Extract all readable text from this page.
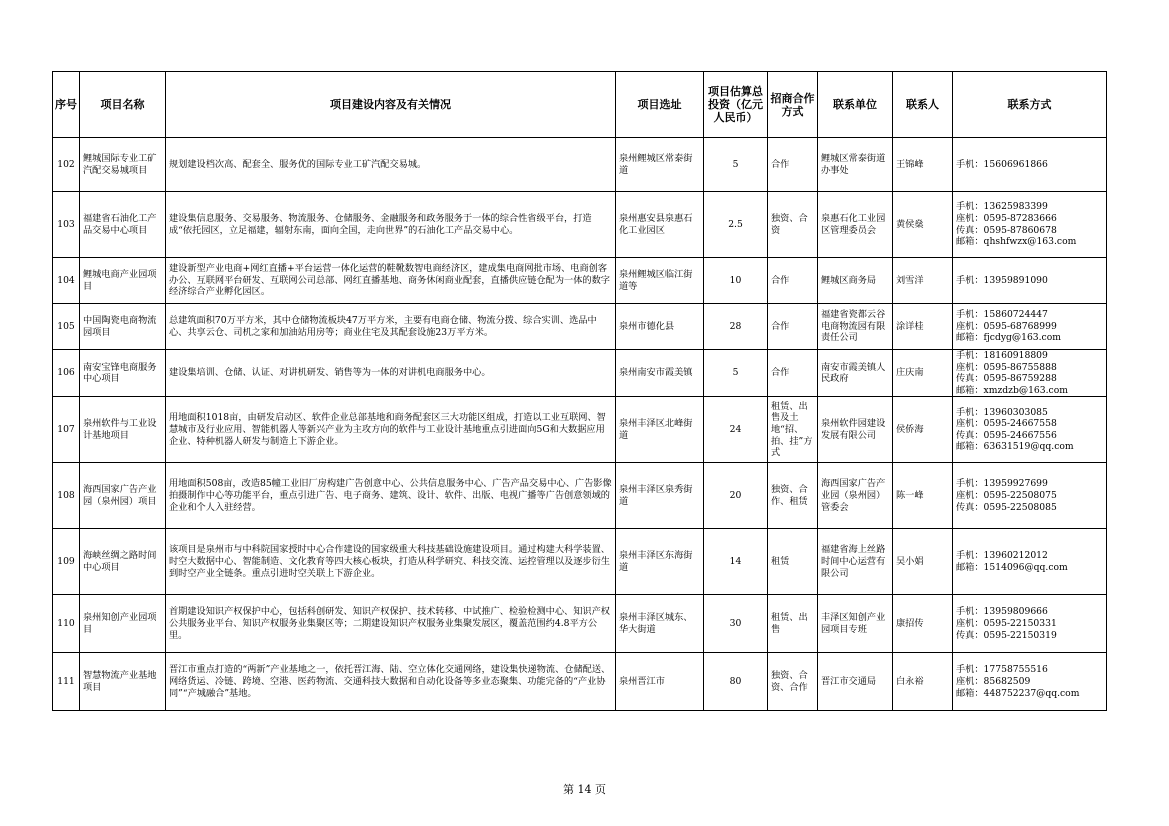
序号	项目名称	项目建设内容及有关情况	项目选址	项目估算总投资（亿元人民币）	招商合作方式	联系单位	联系人	联系方式
102	鲤城国际专业工矿汽配交易城项目	规划建设档次高、配套全、服务优的国际专业工矿汽配交易城。	泉州鲤城区常泰街道	5	合作	鲤城区常泰街道办事处	王锦峰	手机：15606961866

103	福建省石油化工产品交易中心项目	建设集信息服务、交易服务、物流服务、仓储服务、金融服务和政务服务于一体的综合性省级平台，打造成“依托园区，立足福建，辐射东南，面向全国，走向世界”的石油化工产品交易中心。	泉州惠安县泉惠石化工业园区	2.5	独资、合资	泉惠石化工业园区管理委员会	黄侯燊	手机：13625983399
座机：0595-87283666
传真：0595-87860678
邮箱：qhshfwzx@163.com

104	鲤城电商产业园项目	建设新型产业电商+网红直播+平台运营一体化运营的鞋靴数智电商经济区，建成集电商网批市场、电商创客办公、互联网平台研发、互联网公司总部、网红直播基地、商务休闲商业配套，直播供应链仓配为一体的数字经济综合产业孵化园区。	泉州鲤城区临江街道等	10	合作	鲤城区商务局	刘雪洋	手机：13959891090

105	中国陶瓷电商物流园项目	总建筑面积70万平方米，其中仓储物流板块47万平方米，主要有电商仓储、物流分拨、综合实训、选品中心、共享云仓、司机之家和加油站用房等；商业住宅及其配套设施23万平方米。	泉州市德化县	28	合作	福建省瓷都云谷电商物流园有限责任公司	涂详桂	手机：15860724447
座机：0595-68768999
邮箱：fjcdyg@163.com

106	南安宝锋电商服务中心项目	建设集培训、仓储、认证、对讲机研发、销售等为一体的对讲机电商服务中心。	泉州南安市霞美镇	5	合作	南安市霞美镇人民政府	庄庆南	手机：18160918809
座机：0595-86755888
传真：0595-86759288
邮箱：xmzdzb@163.com

107	泉州软件与工业设计基地项目	用地面积1018亩，由研发启动区、软件企业总部基地和商务配套区三大功能区组成，打造以工业互联网、智慧城市及行业应用、智能机器人等新兴产业为主攻方向的软件与工业设计基地重点引进面向5G和大数据应用企业、特种机器人研发与制造上下游企业。	泉州丰泽区北峰街道	24	租赁、出售及土地“招、拍、挂”方式	泉州软件园建设发展有限公司	侯侨海	手机：13960303085
座机：0595-24667558
传真：0595-24667556
邮箱：63631519@qq.com

108	海西国家广告产业园（泉州园）项目	用地面积508亩，改造85幢工业旧厂房构建广告创意中心、公共信息服务中心、广告产品交易中心、广告影像拍摄制作中心等功能平台，重点引进广告、电子商务、建筑、设计、软件、出版、电视广播等广告创意领域的企业和个人入驻经营。	泉州丰泽区泉秀街道	20	独资、合作、租赁	海西国家广告产业园（泉州园）管委会	陈一峰	手机：13959927699
座机：0595-22508075
传真：0595-22508085

109	海峡丝绸之路时间中心项目	该项目是泉州市与中科院国家授时中心合作建设的国家级重大科技基础设施建设项目。通过构建大科学装置、时空大数据中心、智能制造、文化教育等四大核心板块，打造从科学研究、科技交流、运控管理以及逐步衍生到时空产业全链条。重点引进时空关联上下游企业。	泉州丰泽区东海街道	14	租赁	福建省海上丝路时间中心运营有限公司	吴小娟	手机：13960212012
邮箱：1514096@qq.com

110	泉州知创产业园项目	首期建设知识产权保护中心，包括科创研发、知识产权保护、技术转移、中试推广、检验检测中心、知识产权公共服务业平台、知识产权服务业集聚区等；二期建设知识产权服务业集聚发展区，覆盖范围约4.8平方公里。	泉州丰泽区城东、华大街道	30	租赁、出售	丰泽区知创产业园项目专班	康招传	手机：13959809666
座机：0595-22150331
传真：0595-22150319

111	智慧物流产业基地项目	晋江市重点打造的“两新”产业基地之一，依托晋江海、陆、空立体化交通网络，建设集快递物流、仓储配送、网络货运、冷链、跨境、空港、医药物流、交通科技大数据和自动化设备等多业态聚集、功能完备的“产业协同”“产城融合”基地。	泉州晋江市	80	独资、合资、合作	晋江市交通局	白永裕	手机：17758755516
座机：85682509
邮箱：448752237@qq.com
第 14 页
